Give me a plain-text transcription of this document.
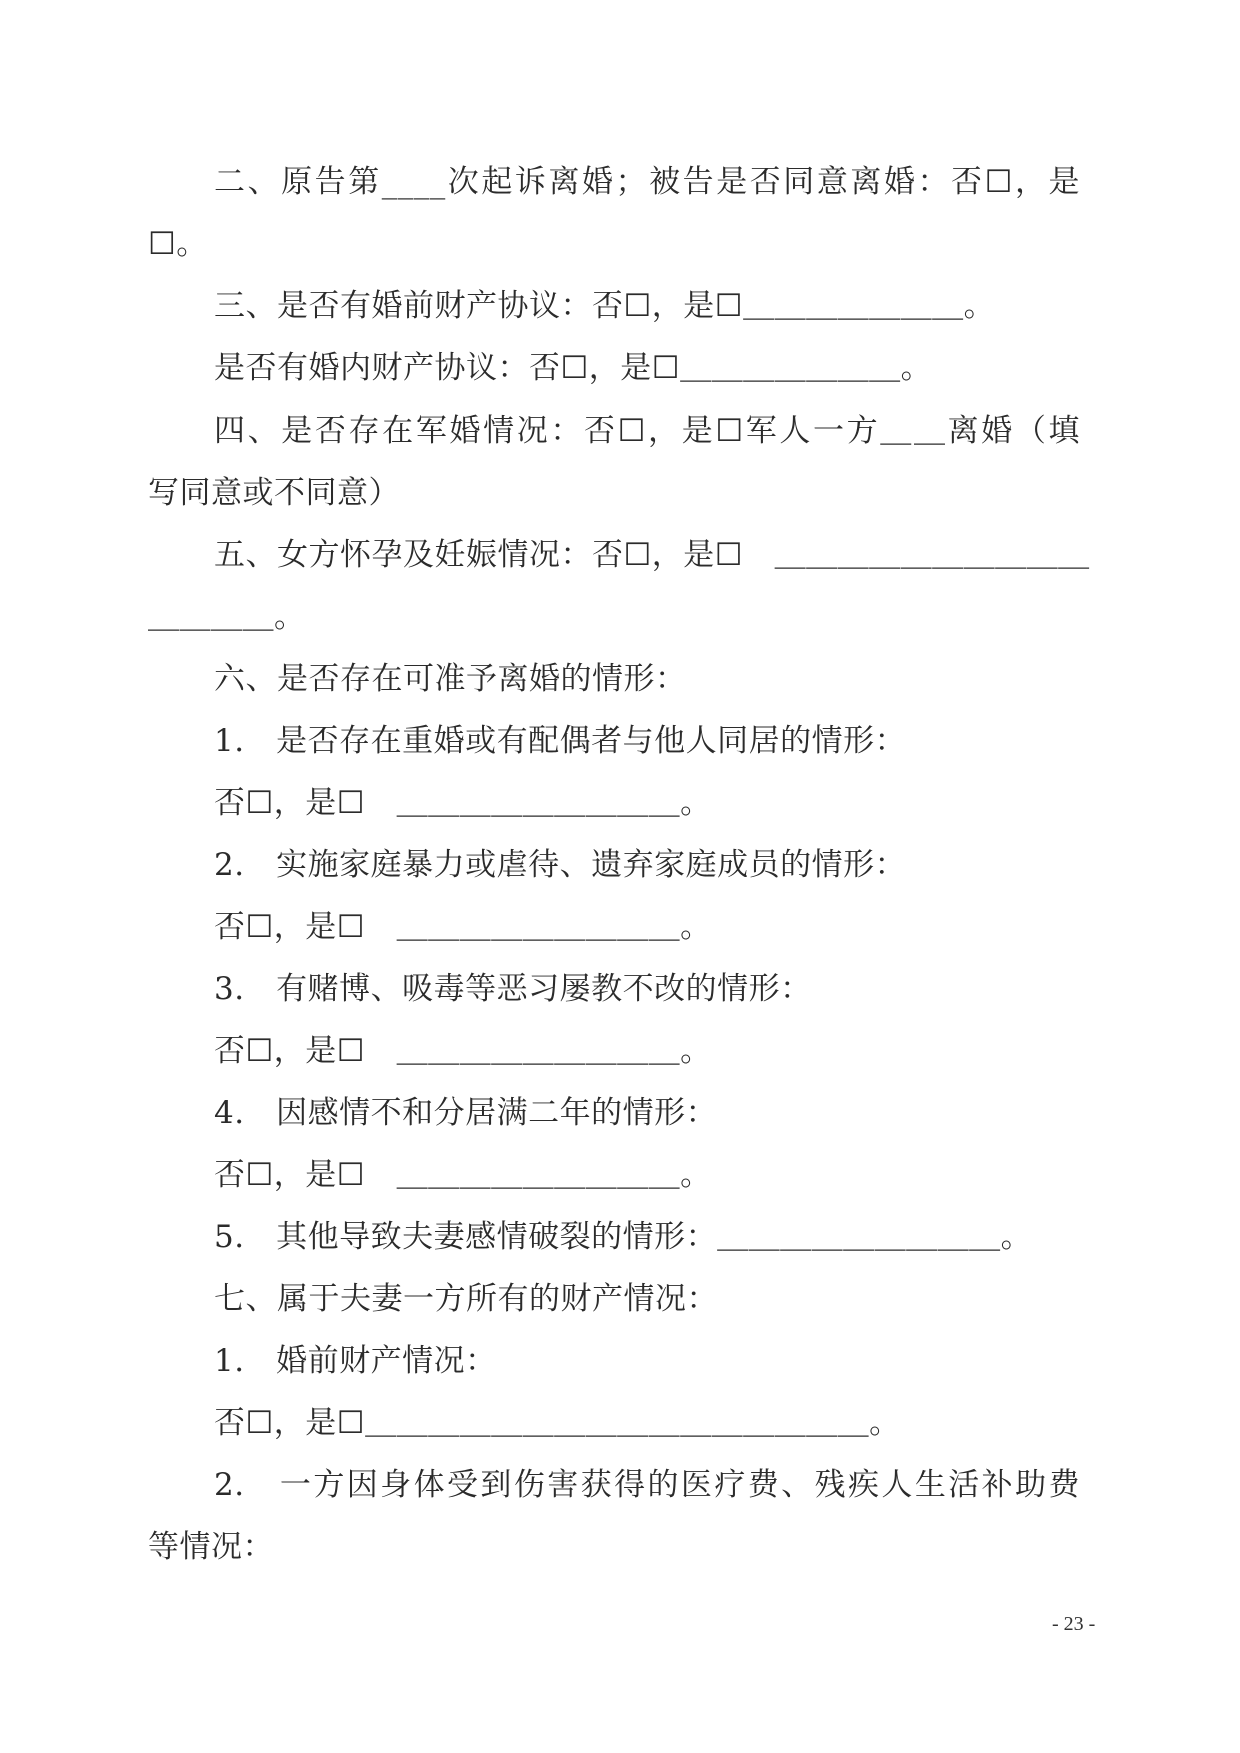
二、原告第____次起诉离婚；被告是否同意离婚：否☐，是
☐。
三、是否有婚前财产协议：否☐，是☐＿＿＿＿＿＿＿。
是否有婚内财产协议：否☐，是☐＿＿＿＿＿＿＿。
四、是否存在军婚情况：否☐，是☐军人一方＿＿离婚（填
写同意或不同意）
五、女方怀孕及妊娠情况：否☐，是☐　＿＿＿＿＿＿＿＿＿＿
＿＿＿＿。
六、是否存在可准予离婚的情形：
1.　是否存在重婚或有配偶者与他人同居的情形：
否☐，是☐　＿＿＿＿＿＿＿＿＿。
2.　实施家庭暴力或虐待、遗弃家庭成员的情形：
否☐，是☐　＿＿＿＿＿＿＿＿＿。
3.　有赌博、吸毒等恶习屡教不改的情形：
否☐，是☐　＿＿＿＿＿＿＿＿＿。
4.　因感情不和分居满二年的情形：
否☐，是☐　＿＿＿＿＿＿＿＿＿。
5.　其他导致夫妻感情破裂的情形：＿＿＿＿＿＿＿＿＿。
七、属于夫妻一方所有的财产情况：
1.　婚前财产情况：
否☐，是☐＿＿＿＿＿＿＿＿＿＿＿＿＿＿＿＿。
2.　一方因身体受到伤害获得的医疗费、残疾人生活补助费
等情况：
- 23 -
